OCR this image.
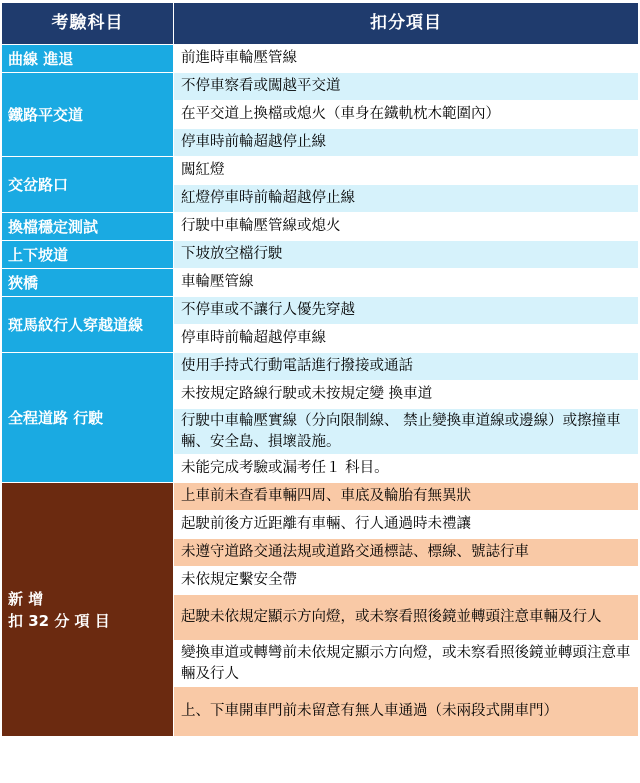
考驗科目	扣分項目
曲線 進退	前進時車輪壓管線
鐵路平交道	不停車察看或闖越平交道
	在平交道上換檔或熄火（車身在鐵軌枕木範圍內）
	停車時前輪超越停止線
交岔路口	闖紅燈
	紅燈停車時前輪超越停止線
換檔穩定測試	行駛中車輪壓管線或熄火
上下坡道	下坡放空檔行駛
狹橋	車輪壓管線
斑馬紋行人穿越道線	不停車或不讓行人優先穿越
	停車時前輪超越停車線
全程道路 行駛	使用手持式行動電話進行撥接或通話
	未按規定路線行駛或未按規定變 換車道
	行駛中車輪壓實線（分向限制線、 禁止變換車道線或邊線）或擦撞車 輛、安全島、損壞設施。
	未能完成考驗或漏考任１ 科目。
新 增
扣 32 分 項 目	上車前未查看車輛四周、車底及輪胎有無異狀
	起駛前後方近距離有車輛、行人通過時未禮讓
	未遵守道路交通法規或道路交通標誌、標線、號誌行車
	未依規定繫安全帶
	起駛未依規定顯示方向燈，或未察看照後鏡並轉頭注意車輛及行人
	變換車道或轉彎前未依規定顯示方向燈，或未察看照後鏡並轉頭注意車輛及行人
	上、下車開車門前未留意有無人車通過（未兩段式開車門）
